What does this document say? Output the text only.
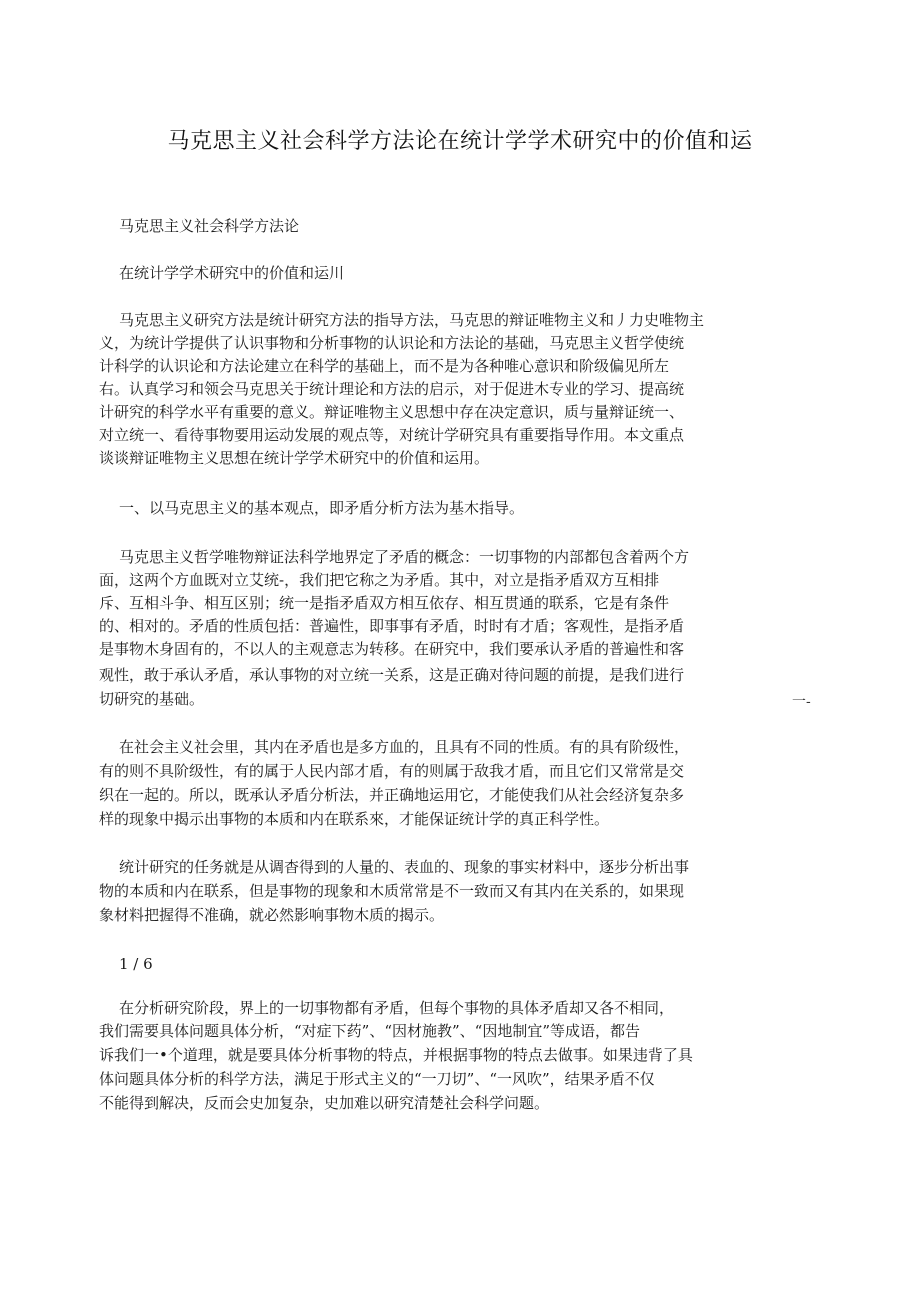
马克思主义社会科学方法论在统计学学术研究中的价值和运

马克思主义社会科学方法论

在统计学学术研究中的价值和运川

马克思主义研究方法是统计研究方法的指导方法，马克思的辩证唯物主义和丿力史唯物主

义，为统计学提供了认识事物和分析事物的认识论和方法论的基础，马克思主义哲学使统

计科学的认识论和方法论建立在科学的基础上，而不是为各种唯心意识和阶级偏见所左

右。认真学习和领会马克思关于统计理论和方法的启示，对于促进木专业的学习、提高统

计研究的科学水平有重要的意义。辩证唯物主义思想中存在决定意识，质与量辩证统一、

对立统一、看待事物要用运动发展的观点等，对统计学研究具有重要指导作用。本文重点

谈谈辩证唯物主义思想在统计学学术研究中的价值和运用。

一、以马克思主义的基本观点，即矛盾分析方法为基木指导。

马克思主义哲学唯物辩证法科学地界定了矛盾的概念：一切事物的内部都包含着两个方

面，这两个方血既对立艾统-，我们把它称之为矛盾。其中，对立是指矛盾双方互相排

斥、互相斗争、相互区别；统一是指矛盾双方相互依存、相互贯通的联系，它是有条件

的、相对的。矛盾的性质包括：普遍性，即事事有矛盾，时时有才盾；客观性，是指矛盾

是事物木身固有的，不以人的主观意志为转移。在研究中，我们要承认矛盾的普遍性和客

观性，敢于承认矛盾，承认事物的对立统一关系，这是正确对待问题的前提，是我们进行

切研究的基础。	一-

在社会主义社会里，其内在矛盾也是多方血的，且具有不同的性质。有的具有阶级性，

有的则不具阶级性，有的属于人民内部才盾，有的则属于敌我才盾，而且它们又常常是交

织在一起的。所以，既承认矛盾分析法，并正确地运用它，才能使我们从社会经济复杂多

样的现象中揭示出事物的本质和内在联系來，才能保证统计学的真正科学性。

统计研究的任务就是从调杳得到的人量的、表血的、现象的事实材料中，逐步分析出事

物的本质和内在联系，但是事物的现象和木质常常是不一致而又有其内在关系的，如果现

象材料把握得不准确，就必然影响事物木质的揭示。

1 / 6

在分析研究阶段，界上的一切事物都有矛盾，但每个事物的具体矛盾却又各不相同，

我们需要具体问题具体分析，“对症下药”、“因材施教”、“因地制宜”等成语，都告

诉我们一•个道理，就是要具体分析事物的特点，并根据事物的特点去做事。如果违背了具

体问题具体分析的科学方法，满足于形式主义的“一刀切”、“一风吹”，结果矛盾不仅

不能得到解决，反而会史加复杂，史加难以研究清楚社会科学问题。
